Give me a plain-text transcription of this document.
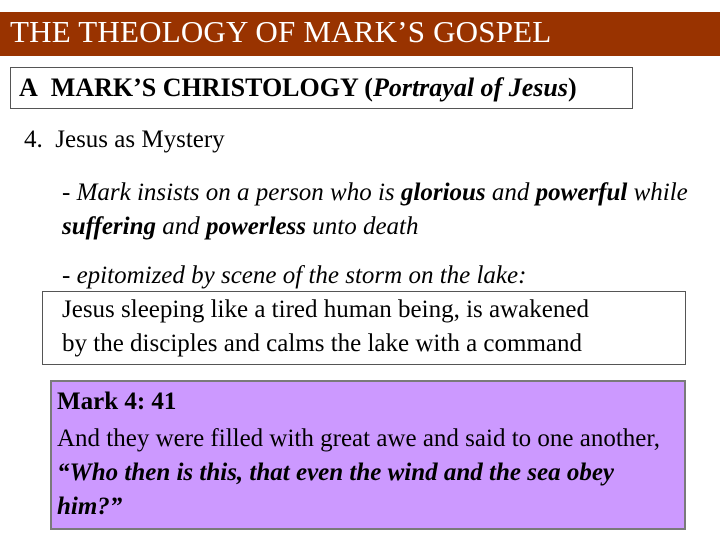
THE THEOLOGY OF MARK’S GOSPEL
A MARK’S CHRISTOLOGY (Portrayal of Jesus)
4. Jesus as Mystery
- Mark insists on a person who is glorious and powerful while suffering and powerless unto death
- epitomized by scene of the storm on the lake:
Jesus sleeping like a tired human being, is awakened
by the disciples and calms the lake with a command
Mark 4: 41
And they were filled with great awe and said to one another, “Who then is this, that even the wind and the sea obey him?”
